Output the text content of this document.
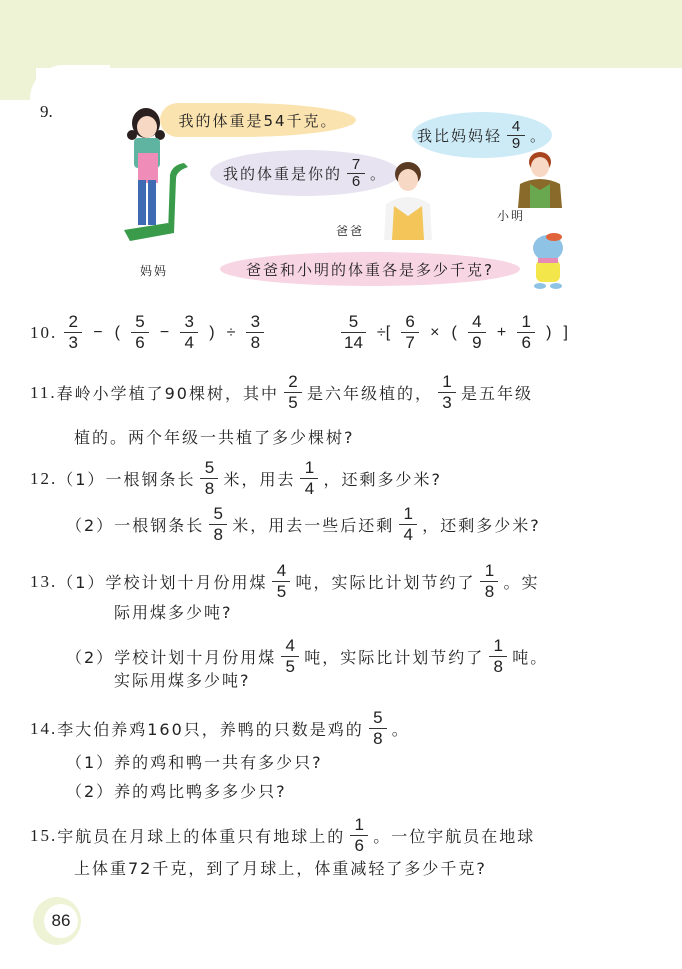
9.
妈妈
我的体重是54千克。
我的体重是你的 $\frac{7}{6}$ 。
爸爸
我比妈妈轻 $\frac{4}{9}$ 。
小明
爸爸和小明的体重各是多少千克?
10. $\frac{2}{3}$ − ( $\frac{5}{6} - \frac{3}{4}$ ) ÷ $\frac{3}{8}$	$\frac{5}{14}$ ÷[ $\frac{6}{7}$ × ( $\frac{4}{9} + \frac{1}{6}$ ) ]
11. 春岭小学植了90棵树，其中 $\frac{2}{5}$ 是六年级植的， $\frac{1}{3}$ 是五年级
植的。两个年级一共植了多少棵树?
12. （1） 一根钢条长 $\frac{5}{8}$ 米，用去 $\frac{1}{4}$ ，还剩多少米?
（2） 一根钢条长 $\frac{5}{8}$ 米，用去一些后还剩 $\frac{1}{4}$ ，还剩多少米?
13. （1） 学校计划十月份用煤 $\frac{4}{5}$ 吨，实际比计划节约了 $\frac{1}{8}$ 。实
际用煤多少吨?
（2） 学校计划十月份用煤 $\frac{4}{5}$ 吨，实际比计划节约了 $\frac{1}{8}$ 吨。
实际用煤多少吨?
14. 李大伯养鸡160只，养鸭的只数是鸡的 $\frac{5}{8}$ 。
（1）养的鸡和鸭一共有多少只?
（2）养的鸡比鸭多多少只?
15. 宇航员在月球上的体重只有地球上的 $\frac{1}{6}$ 。一位宇航员在地球
上体重72千克，到了月球上，体重减轻了多少千克?
86
